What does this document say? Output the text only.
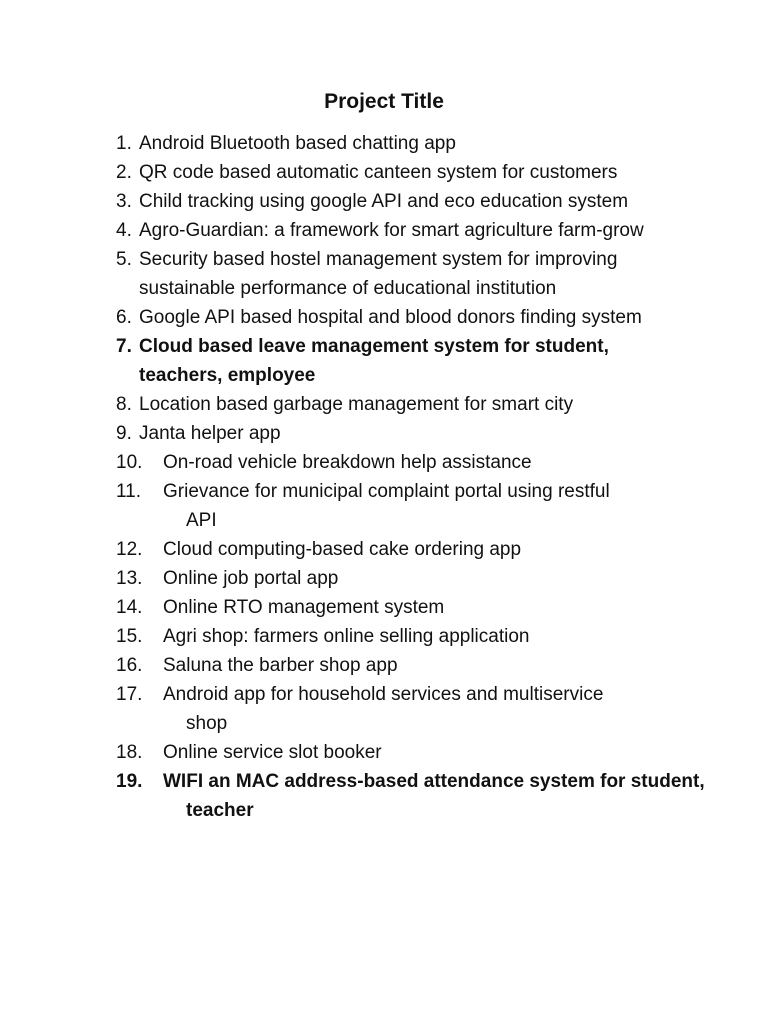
Project Title
1. Android Bluetooth based chatting app
2. QR code based automatic canteen system for customers
3. Child tracking using google API and eco education system
4. Agro-Guardian: a framework for smart agriculture farm-grow
5. Security based hostel management system for improving sustainable performance of educational institution
6. Google API based hospital and blood donors finding system
7. Cloud based leave management system for student, teachers, employee
8. Location based garbage management for smart city
9. Janta helper app
10. On-road vehicle breakdown help assistance
11. Grievance for municipal complaint portal using restful API
12. Cloud computing-based cake ordering app
13. Online job portal app
14. Online RTO management system
15. Agri shop: farmers online selling application
16. Saluna the barber shop app
17. Android app for household services and multiservice shop
18. Online service slot booker
19. WIFI an MAC address-based attendance system for student, teacher
